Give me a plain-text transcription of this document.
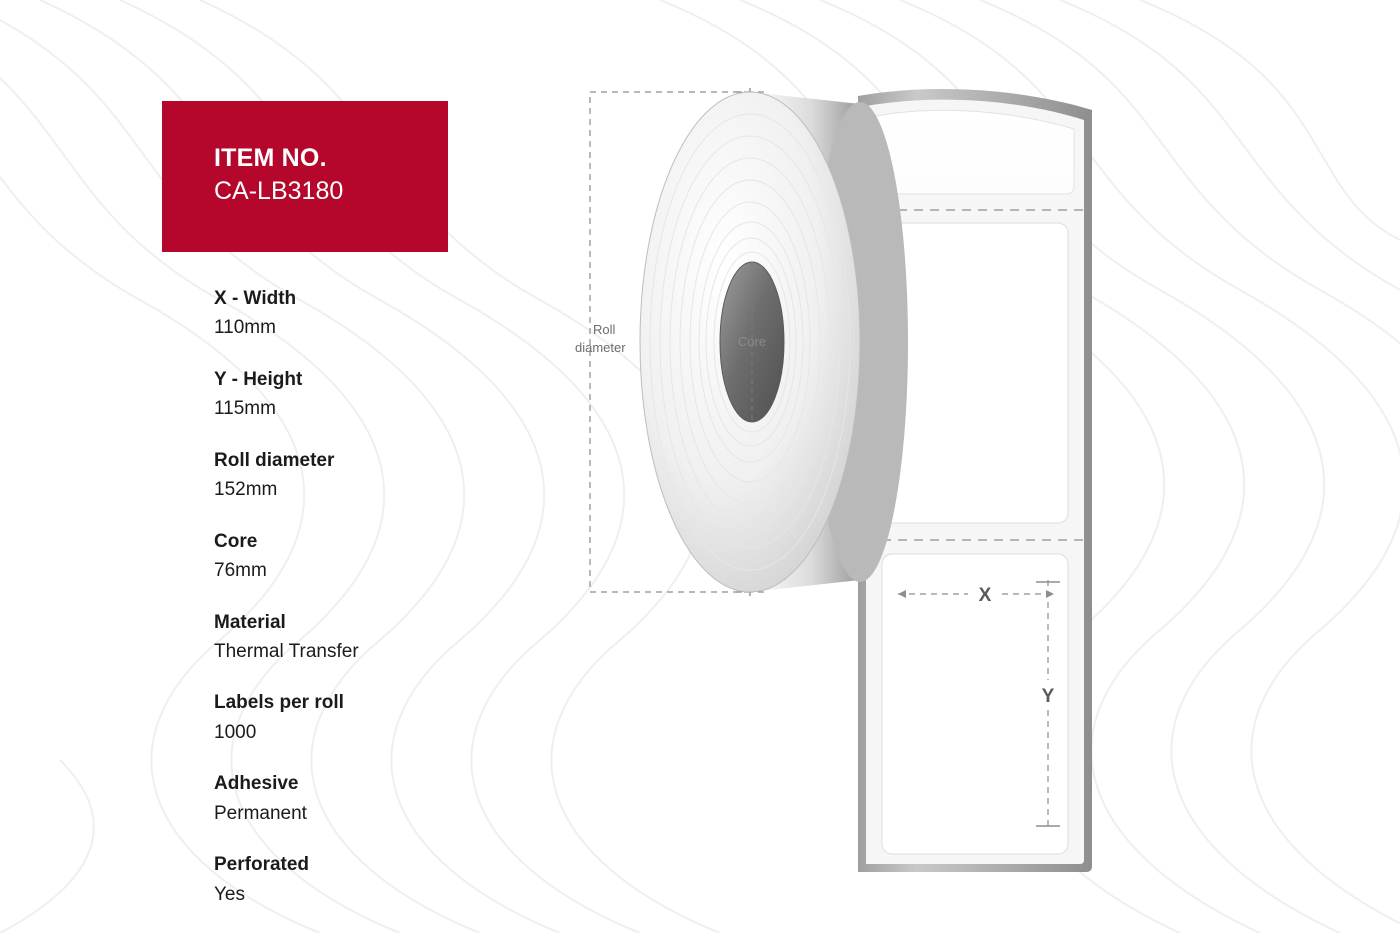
ITEM NO.
CA-LB3180
X - Width
110mm
Y - Height
115mm
Roll diameter
152mm
Core
76mm
Material
Thermal Transfer
Labels per roll
1000
Adhesive
Permanent
Perforated
Yes
Roll
diameter
X
Y
Core
